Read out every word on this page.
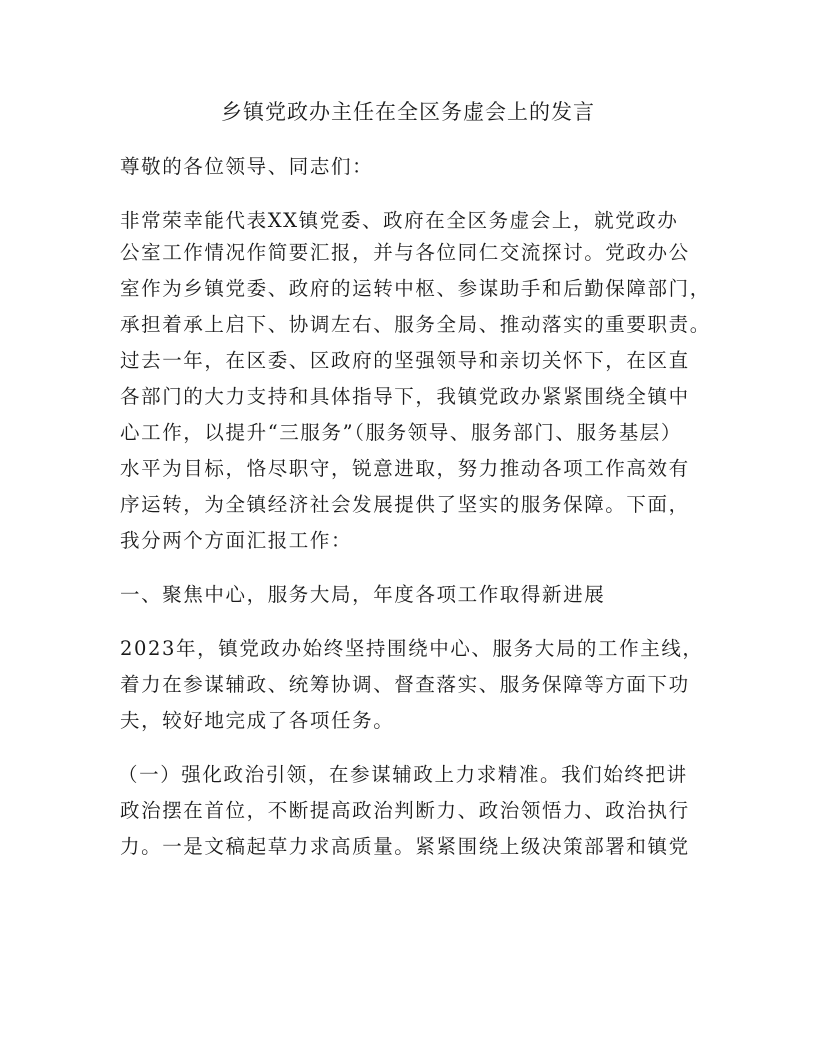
乡镇党政办主任在全区务虚会上的发言
尊敬的各位领导、同志们：
非常荣幸能代表XX镇党委、政府在全区务虚会上，就党政办
公室工作情况作简要汇报，并与各位同仁交流探讨。党政办公
室作为乡镇党委、政府的运转中枢、参谋助手和后勤保障部门，
承担着承上启下、协调左右、服务全局、推动落实的重要职责。
过去一年，在区委、区政府的坚强领导和亲切关怀下，在区直
各部门的大力支持和具体指导下，我镇党政办紧紧围绕全镇中
心工作，以提升“三服务”（服务领导、服务部门、服务基层）
水平为目标，恪尽职守，锐意进取，努力推动各项工作高效有
序运转，为全镇经济社会发展提供了坚实的服务保障。下面，
我分两个方面汇报工作：
一、聚焦中心，服务大局，年度各项工作取得新进展
2023年，镇党政办始终坚持围绕中心、服务大局的工作主线，
着力在参谋辅政、统筹协调、督查落实、服务保障等方面下功
夫，较好地完成了各项任务。
（一）强化政治引领，在参谋辅政上力求精准。我们始终把讲
政治摆在首位，不断提高政治判断力、政治领悟力、政治执行
力。一是文稿起草力求高质量。紧紧围绕上级决策部署和镇党
